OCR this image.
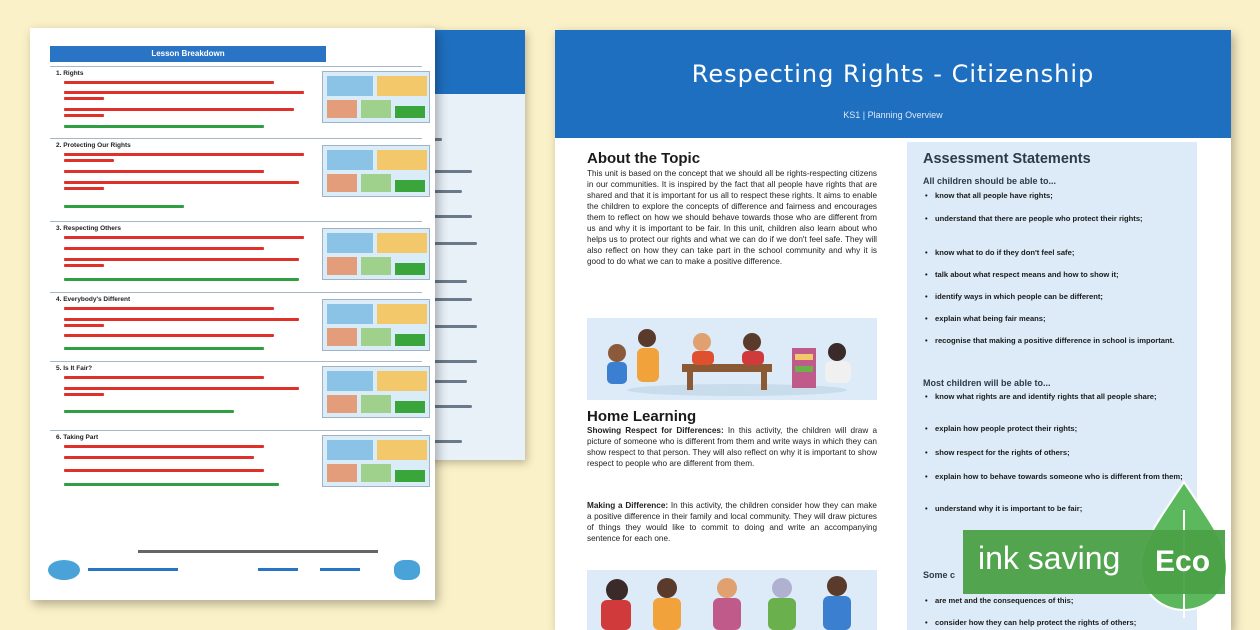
Lesson Breakdown
1. Rights
2. Protecting Our Rights
3. Respecting Others
4. Everybody's Different
5. Is It Fair?
6. Taking Part
Respecting Rights - Citizenship
KS1 | Planning Overview
About the Topic
This unit is based on the concept that we should all be rights-respecting citizens in our communities. It is inspired by the fact that all people have rights that are shared and that it is important for us all to respect these rights. It aims to enable the children to explore the concepts of difference and fairness and encourages them to reflect on how we should behave towards those who are different from us and why it is important to be fair. In this unit, children also learn about who helps us to protect our rights and what we can do if we don't feel safe. They will also reflect on how they can take part in the school community and why it is good to do what we can to make a positive difference.
Home Learning
Showing Respect for Differences: In this activity, the children will draw a picture of someone who is different from them and write ways in which they can show respect to that person. They will also reflect on why it is important to show respect to people who are different from them.
Making a Difference: In this activity, the children consider how they can make a positive difference in their family and local community. They will draw pictures of things they would like to commit to doing and write an accompanying sentence for each one.
Assessment Statements
All children should be able to...
• know that all people have rights;
• understand that there are people who protect their rights;
• know what to do if they don't feel safe;
• talk about what respect means and how to show it;
• identify ways in which people can be different;
• explain what being fair means;
• recognise that making a positive difference in school is important.
Most children will be able to...
• know what rights are and identify rights that all people share;
• explain how people protect their rights;
• show respect for the rights of others;
• explain how to behave towards someone who is different from them;
• understand why it is important to be fair;
Some c
• are met and the consequences of this;
• consider how they can help protect the rights of others;
ink saving Eco
